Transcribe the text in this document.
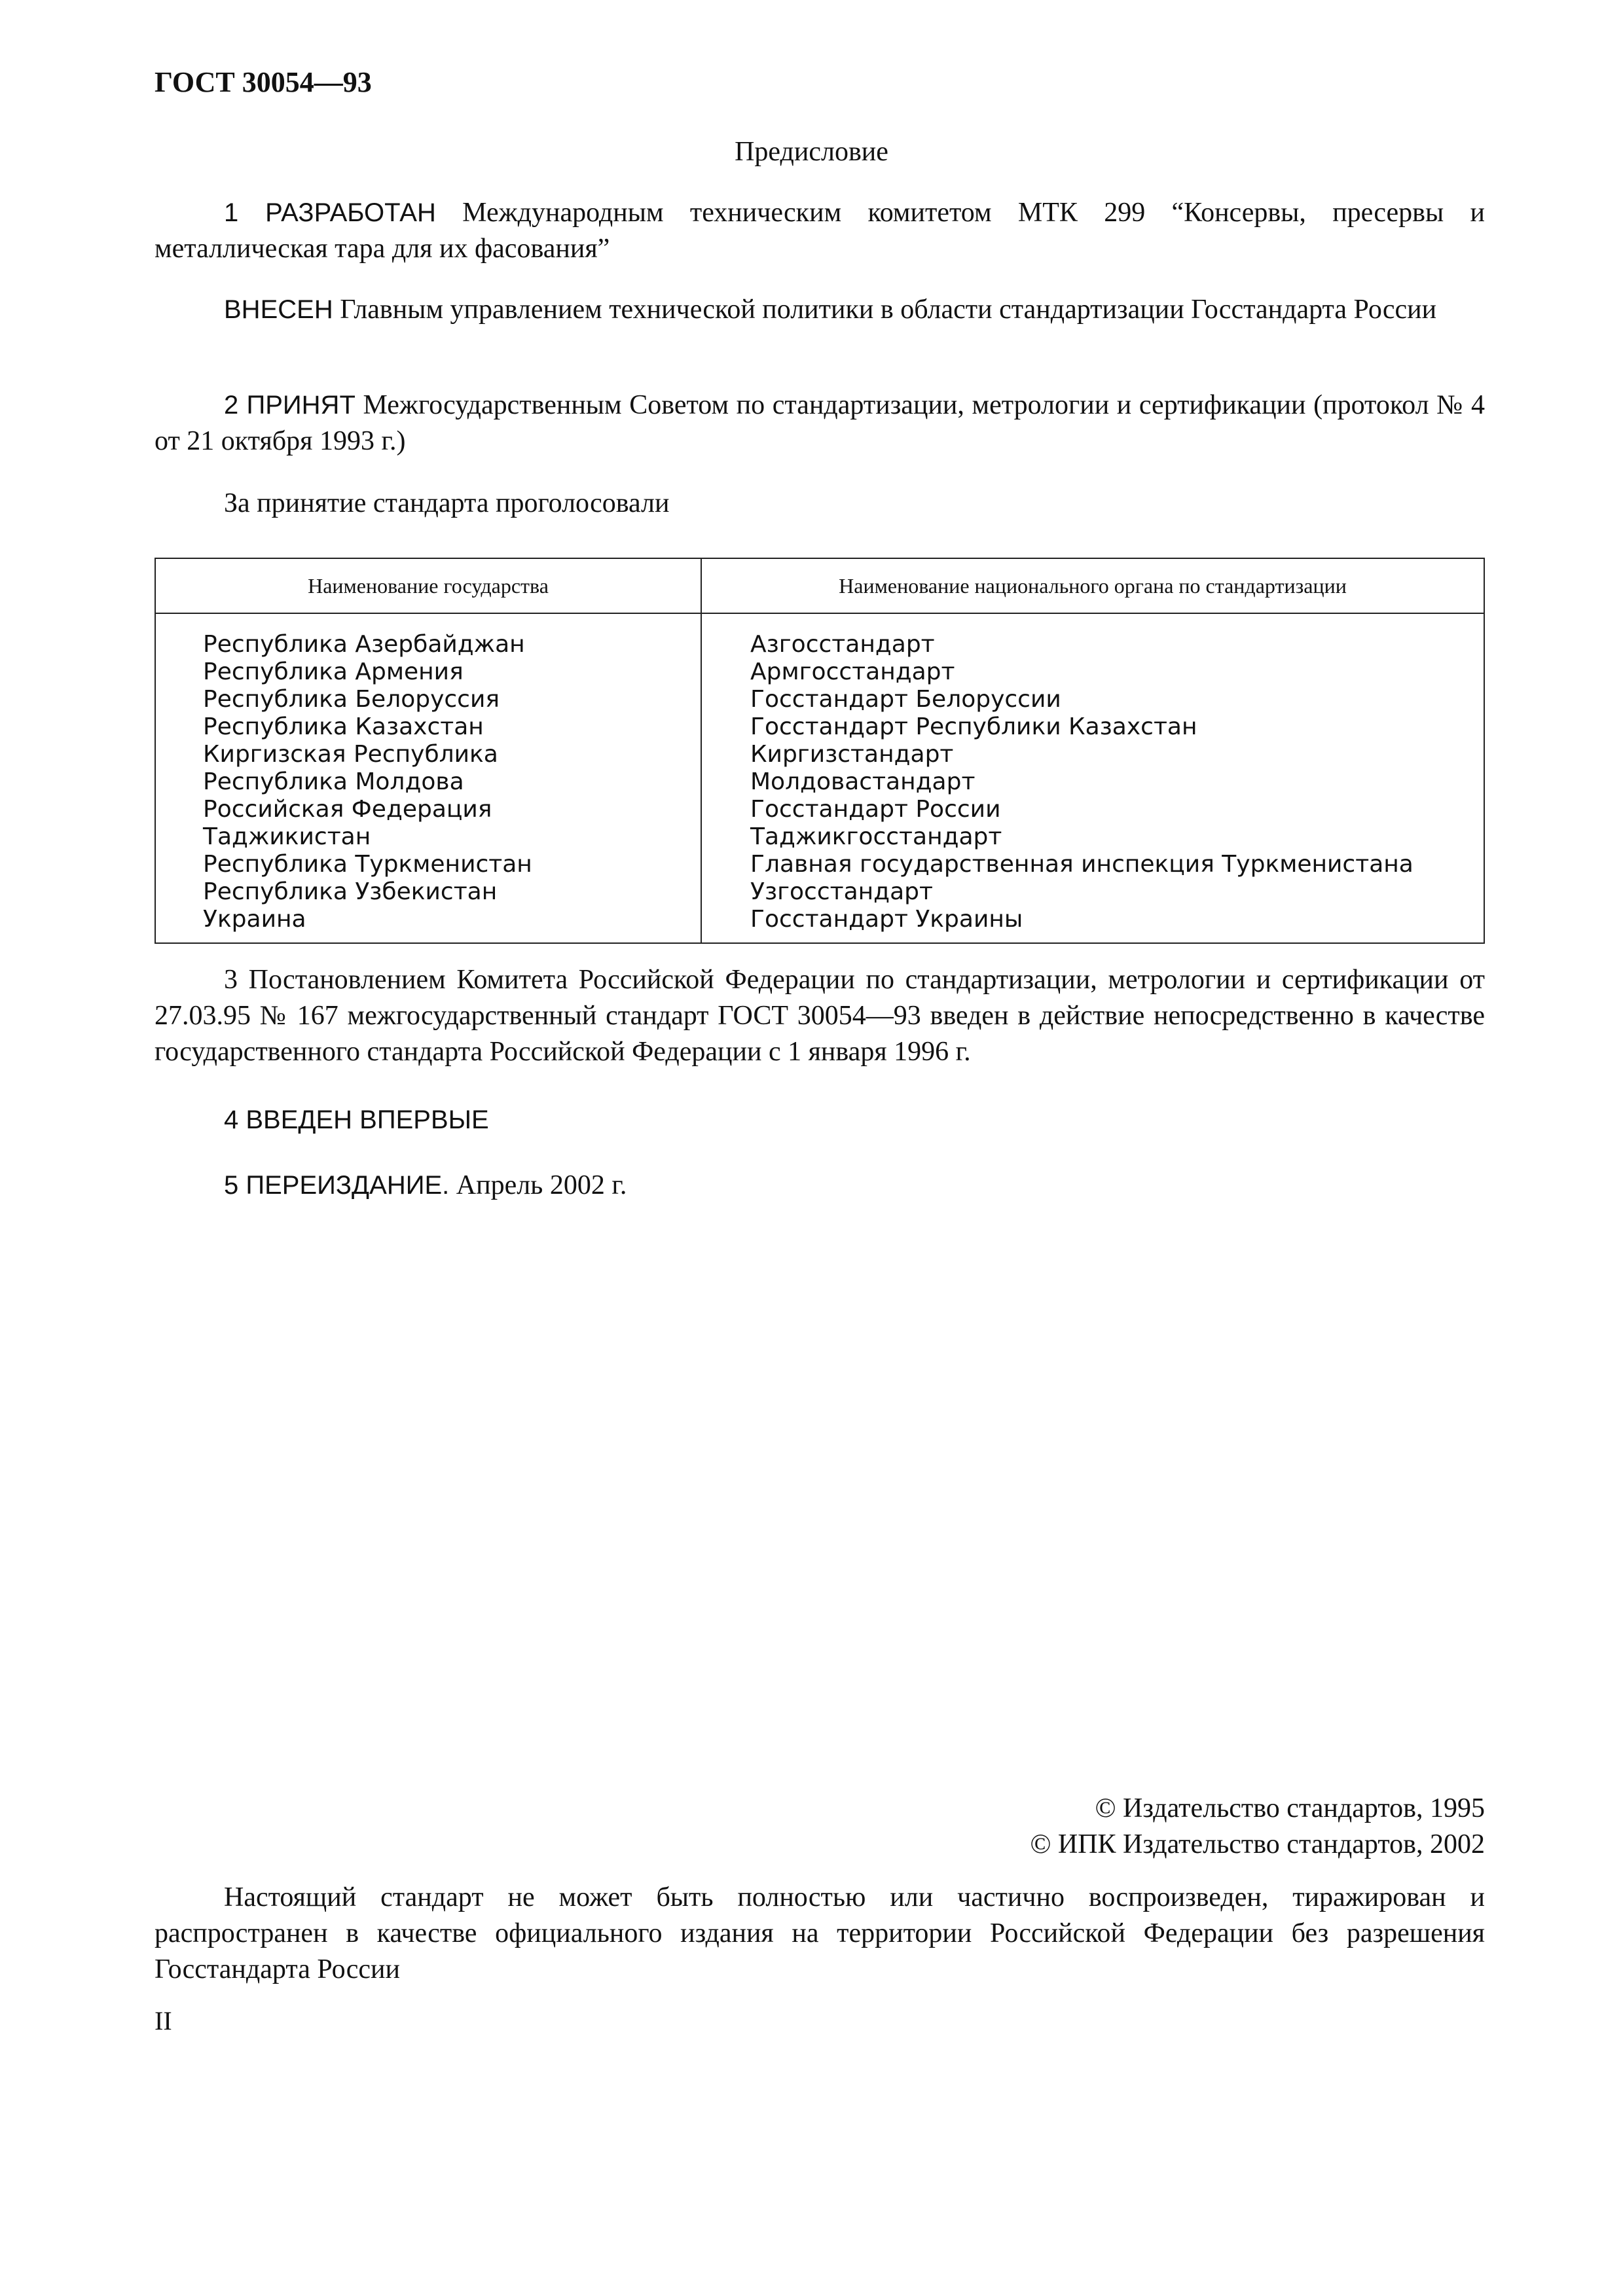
ГОСТ 30054—93
Предисловие
1 РАЗРАБОТАН Международным техническим комитетом МТК 299 “Консервы, пресервы и металлическая тара для их фасования”
ВНЕСЕН Главным управлением технической политики в области стандартизации Госстандарта России
2 ПРИНЯТ Межгосударственным Советом по стандартизации, метрологии и сертификации (протокол № 4 от 21 октября 1993 г.)
За принятие стандарта проголосовали
Наименование государства	Наименование национального органа по стандартизации
Республика Азербайджан
Республика Армения
Республика Белоруссия
Республика Казахстан
Киргизская Республика
Республика Молдова
Российская Федерация
Таджикистан
Республика Туркменистан
Республика Узбекистан
Украина
Азгосстандарт
Армгосстандарт
Госстандарт Белоруссии
Госстандарт Республики Казахстан
Киргизстандарт
Молдовастандарт
Госстандарт России
Таджикгосстандарт
Главная государственная инспекция Туркменистана
Узгосстандарт
Госстандарт Украины
3 Постановлением Комитета Российской Федерации по стандартизации, метрологии и сертификации от 27.03.95 № 167 межгосударственный стандарт ГОСТ 30054—93 введен в действие непосредственно в качестве государственного стандарта Российской Федерации с 1 января 1996 г.
4 ВВЕДЕН ВПЕРВЫЕ
5 ПЕРЕИЗДАНИЕ. Апрель 2002 г.
© Издательство стандартов, 1995
© ИПК Издательство стандартов, 2002
Настоящий стандарт не может быть полностью или частично воспроизведен, тиражирован и распространен в качестве официального издания на территории Российской Федерации без разрешения Госстандарта России
II
